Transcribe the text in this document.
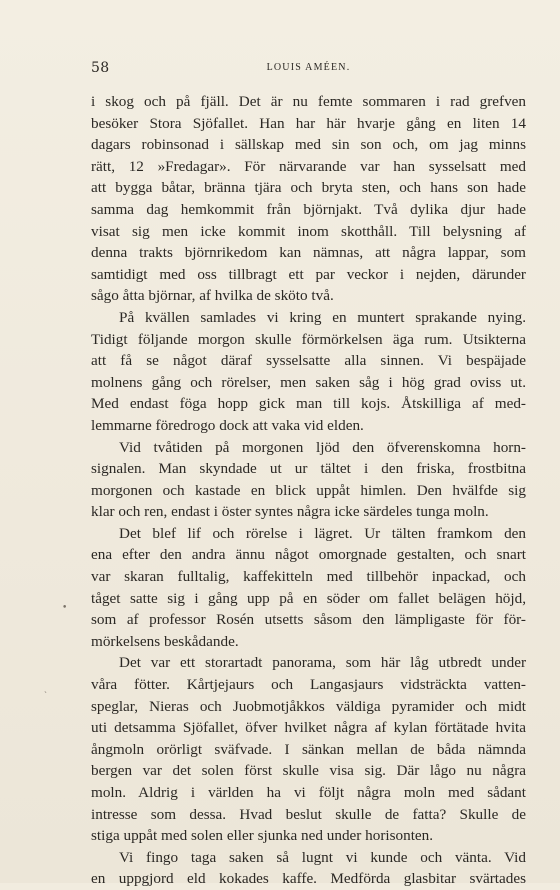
58	LOUIS AMÉEN.
i skog och på fjäll. Det är nu femte sommaren i rad grefven
besöker Stora Sjöfallet. Han har här hvarje gång en liten 14
dagars robinsonad i sällskap med sin son och, om jag minns
rätt, 12 »Fredagar». För närvarande var han sysselsatt med
att bygga båtar, bränna tjära och bryta sten, och hans son hade
samma dag hemkommit från björnjakt. Två dylika djur hade
visat sig men icke kommit inom skotthåll. Till belysning af
denna trakts björnrikedom kan nämnas, att några lappar, som
samtidigt med oss tillbragt ett par veckor i nejden, därunder
sågo åtta björnar, af hvilka de sköto två.
På kvällen samlades vi kring en muntert sprakande nying.
Tidigt följande morgon skulle förmörkelsen äga rum. Utsikterna
att få se något däraf sysselsatte alla sinnen. Vi bespäjade
molnens gång och rörelser, men saken såg i hög grad oviss ut.
Med endast föga hopp gick man till kojs. Åtskilliga af med-
lemmarne föredrogo dock att vaka vid elden.
Vid tvåtiden på morgonen ljöd den öfverenskomna horn-
signalen. Man skyndade ut ur tältet i den friska, frostbitna
morgonen och kastade en blick uppåt himlen. Den hvälfde sig
klar och ren, endast i öster syntes några icke särdeles tunga moln.
Det blef lif och rörelse i lägret. Ur tälten framkom den
ena efter den andra ännu något omorgnade gestalten, och snart
var skaran fulltalig, kaffekitteln med tillbehör inpackad, och
tåget satte sig i gång upp på en söder om fallet belägen höjd,
som af professor Rosén utsetts såsom den lämpligaste för för-
mörkelsens beskådande.
Det var ett storartadt panorama, som här låg utbredt under
våra fötter. Kårtjejaurs och Langasjaurs vidsträckta vatten-
speglar, Nieras och Juobmotjåkkos väldiga pyramider och midt
uti detsamma Sjöfallet, öfver hvilket några af kylan förtätade hvita
ångmoln orörligt sväfvade. I sänkan mellan de båda nämnda
bergen var det solen först skulle visa sig. Där lågo nu några
moln. Aldrig i världen ha vi följt några moln med sådant
intresse som dessa. Hvad beslut skulle de fatta? Skulle de
stiga uppåt med solen eller sjunka ned under horisonten.
Vi fingo taga saken så lugnt vi kunde och vänta. Vid
en uppgjord eld kokades kaffe. Medförda glasbitar svärtades
•
ˏ
